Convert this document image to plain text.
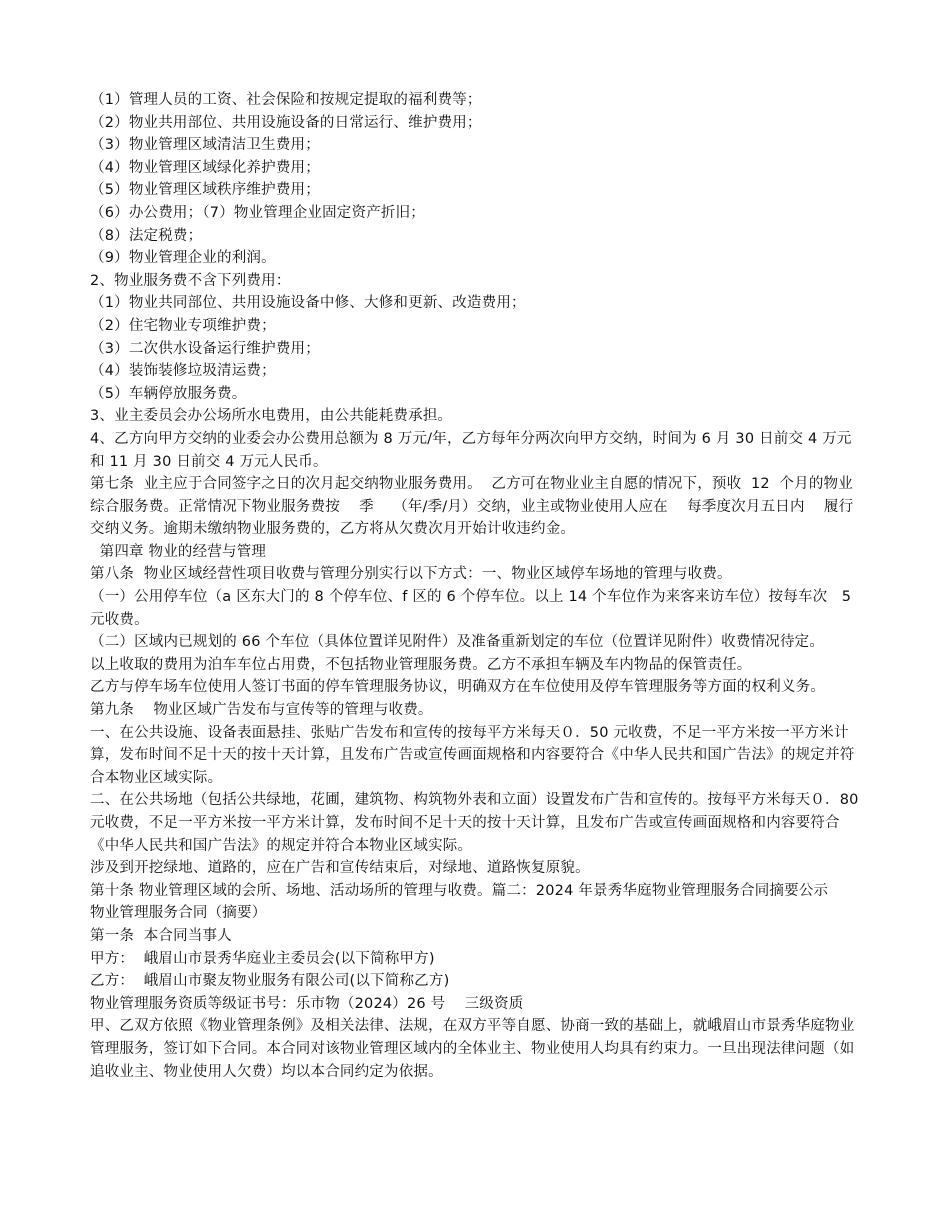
（1）管理人员的工资、社会保险和按规定提取的福利费等；

（2）物业共用部位、共用设施设备的日常运行、维护费用；

（3）物业管理区域清洁卫生费用；

（4）物业管理区域绿化养护费用；

（5）物业管理区域秩序维护费用；

（6）办公费用；（7）物业管理企业固定资产折旧；

（8）法定税费；

（9）物业管理企业的利润。

2、物业服务费不含下列费用：

（1）物业共同部位、共用设施设备中修、大修和更新、改造费用；

（2）住宅物业专项维护费；

（3）二次供水设备运行维护费用；

（4）装饰装修垃圾清运费；

（5）车辆停放服务费。

3、业主委员会办公场所水电费用，由公共能耗费承担。

4、乙方向甲方交纳的业委会办公费用总额为 8 万元/年，乙方每年分两次向甲方交纳，时间为 6 月 30 日前交 4 万元和 11 月 30 日前交 4 万元人民币。

第七条  业主应于合同签字之日的次月起交纳物业服务费用。  乙方可在物业业主自愿的情况下，预收  12  个月的物业综合服务费。正常情况下物业服务费按    季    （年/季/月）交纳，业主或物业使用人应在    每季度次月五日内    履行交纳义务。逾期未缴纳物业服务费的，乙方将从欠费次月开始计收违约金。

第四章 物业的经营与管理

第八条  物业区域经营性项目收费与管理分别实行以下方式：一、物业区域停车场地的管理与收费。

（一）公用停车位（a 区东大门的 8 个停车位、f 区的 6 个停车位。以上 14 个车位作为来客来访车位）按每车次   5  元收费。

（二）区域内已规划的 66 个车位（具体位置详见附件）及准备重新划定的车位（位置详见附件）收费情况待定。

以上收取的费用为泊车车位占用费，不包括物业管理服务费。乙方不承担车辆及车内物品的保管责任。

乙方与停车场车位使用人签订书面的停车管理服务协议，明确双方在车位使用及停车管理服务等方面的权利义务。

第九条    物业区域广告发布与宣传等的管理与收费。

一、在公共设施、设备表面悬挂、张贴广告发布和宣传的按每平方米每天０．50 元收费，不足一平方米按一平方米计算，发布时间不足十天的按十天计算，且发布广告或宣传画面规格和内容要符合《中华人民共和国广告法》的规定并符合本物业区域实际。

二、在公共场地（包括公共绿地，花圃，建筑物、构筑物外表和立面）设置发布广告和宣传的。按每平方米每天０．80 元收费，不足一平方米按一平方米计算，发布时间不足十天的按十天计算，且发布广告或宣传画面规格和内容要符合《中华人民共和国广告法》的规定并符合本物业区域实际。

涉及到开挖绿地、道路的，应在广告和宣传结束后，对绿地、道路恢复原貌。

第十条 物业管理区域的会所、场地、活动场所的管理与收费。篇二：2024 年景秀华庭物业管理服务合同摘要公示

物业管理服务合同（摘要）

第一条  本合同当事人

甲方：  峨眉山市景秀华庭业主委员会(以下简称甲方)

乙方：  峨眉山市聚友物业服务有限公司(以下简称乙方)

物业管理服务资质等级证书号：乐市物（2024）26 号    三级资质

甲、乙双方依照《物业管理条例》及相关法律、法规，在双方平等自愿、协商一致的基础上，就峨眉山市景秀华庭物业管理服务，签订如下合同。本合同对该物业管理区域内的全体业主、物业使用人均具有约束力。一旦出现法律问题（如追收业主、物业使用人欠费）均以本合同约定为依据。
